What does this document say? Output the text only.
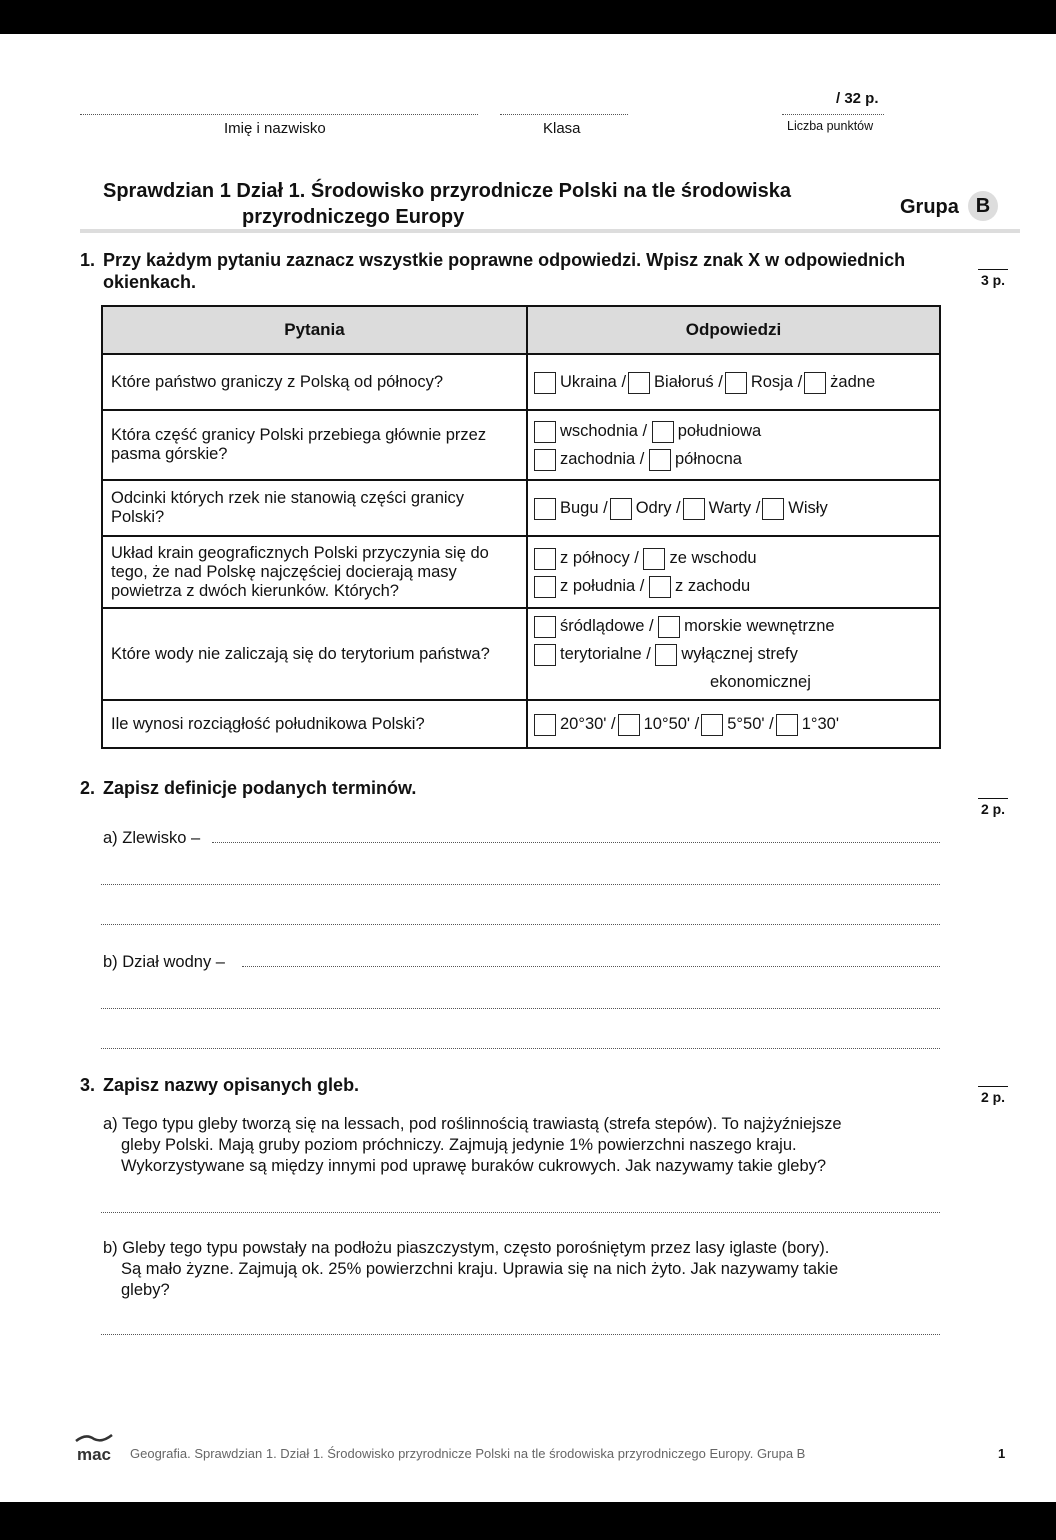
/ 32 p.
Imię i nazwisko	Klasa	Liczba punktów
Sprawdzian 1 Dział 1. Środowisko przyrodnicze Polski na tle środowiska
przyrodniczego Europy	Grupa B
1. Przy każdym pytaniu zaznacz wszystkie poprawne odpowiedzi. Wpisz znak X w odpowiednich
okienkach.	3 p.
Pytania	Odpowiedzi
Które państwo graniczy z Polską od północy?	Ukraina / Białoruś / Rosja / żadne
Która część granicy Polski przebiega głównie przez pasma górskie?	wschodnia / południowa
zachodnia / północna

Odcinki których rzek nie stanowią części granicy Polski?	Bugu / Odry / Warty / Wisły
Układ krain geograficznych Polski przyczynia się do tego, że nad Polskę najczęściej docierają masy powietrza z dwóch kierunków. Których?	z północy / ze wschodu
z południa / z zachodu

Które wody nie zaliczają się do terytorium państwa?	śródlądowe / morskie wewnętrzne
terytorialne / wyłącznej strefy
ekonomicznej

Ile wynosi rozciągłość południkowa Polski?	20°30' / 10°50' / 5°50' / 1°30'
2. Zapisz definicje podanych terminów.
2 p.
a) Zlewisko –
b) Dział wodny –
3. Zapisz nazwy opisanych gleb.
2 p.
a) Tego typu gleby tworzą się na lessach, pod roślinnością trawiastą (strefa stepów). To najżyźniejsze
gleby Polski. Mają gruby poziom próchniczy. Zajmują jedynie 1% powierzchni naszego kraju.
Wykorzystywane są między innymi pod uprawę buraków cukrowych. Jak nazywamy takie gleby?
b) Gleby tego typu powstały na podłożu piaszczystym, często porośniętym przez lasy iglaste (bory).
Są mało żyzne. Zajmują ok. 25% powierzchni kraju. Uprawia się na nich żyto. Jak nazywamy takie
gleby?
mac	Geografia. Sprawdzian 1. Dział 1. Środowisko przyrodnicze Polski na tle środowiska przyrodniczego Europy. Grupa B	1
